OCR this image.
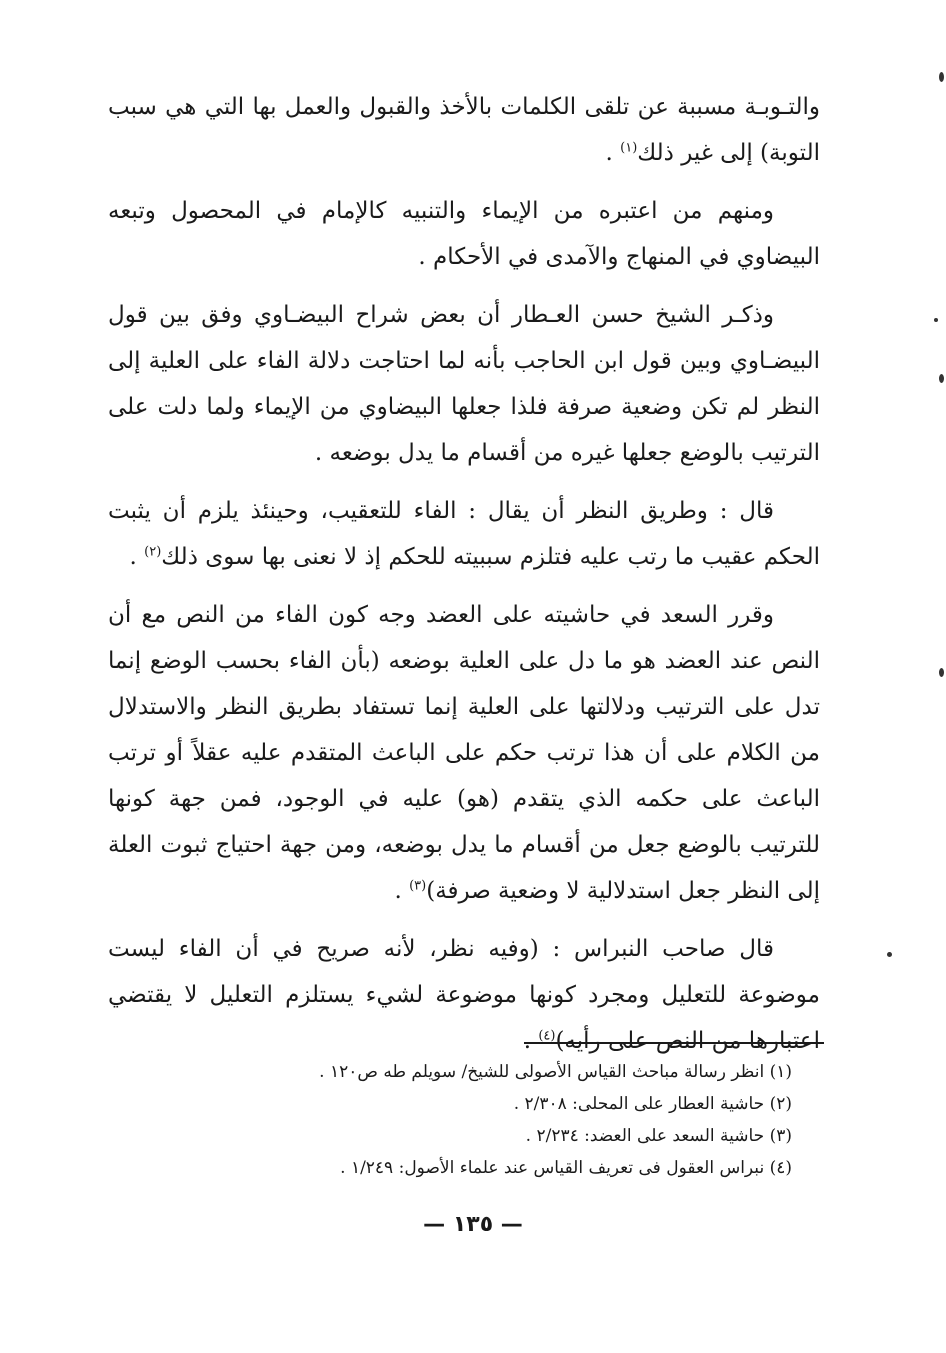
والتـوبـة مسببة عن تلقى الكلمات بالأخذ والقبول والعمل بها التي هي سبب التوبة) إلى غير ذلك$^{(١)}$ .

ومنهم من اعتبره من الإيماء والتنبيه كالإمام في المحصول وتبعه البيضاوي في المنهاج والآمدى في الأحكام .

وذكـر الشيخ حسن العـطار أن بعض شراح البيضـاوي وفق بين قول البيضـاوي وبين قول ابن الحاجب بأنه لما احتاجت دلالة الفاء على العلية إلى النظر لم تكن وضعية صرفة فلذا جعلها البيضاوي من الإيماء ولما دلت على الترتيب بالوضع جعلها غيره من أقسام ما يدل بوضعه .

قال : وطريق النظر أن يقال : الفاء للتعقيب، وحينئذ يلزم أن يثبت الحكم عقيب ما رتب عليه فتلزم سببيته للحكم إذ لا نعنى بها سوى ذلك$^{(٢)}$ .

وقرر السعد في حاشيته على العضد وجه كون الفاء من النص مع أن النص عند العضد هو ما دل على العلية بوضعه (بأن الفاء بحسب الوضع إنما تدل على الترتيب ودلالتها على العلية إنما تستفاد بطريق النظر والاستدلال من الكلام على أن هذا ترتب حكم على الباعث المتقدم عليه عقلاً أو ترتب الباعث على حكمه الذي يتقدم (هو) عليه في الوجود، فمن جهة كونها للترتيب بالوضع جعل من أقسام ما يدل بوضعه، ومن جهة احتياج ثبوت العلة إلى النظر جعل استدلالية لا وضعية صرفة)$^{(٣)}$ .

قال صاحب النبراس : (وفيه نظر، لأنه صريح في أن الفاء ليست موضوعة للتعليل ومجرد كونها موضوعة لشيء يستلزم التعليل لا يقتضي اعتبارها من النص على رأيه)$^{(٤)}$ .

(١) انظر رسالة مباحث القياس الأصولى للشيخ/ سويلم طه ص١٢٠ .

(٢) حاشية العطار على المحلى: ٢/٣٠٨ .

(٣) حاشية السعد على العضد: ٢/٢٣٤ .

(٤) نبراس العقول فى تعريف القياس عند علماء الأصول: ١/٢٤٩ .

— ١٣٥ —
